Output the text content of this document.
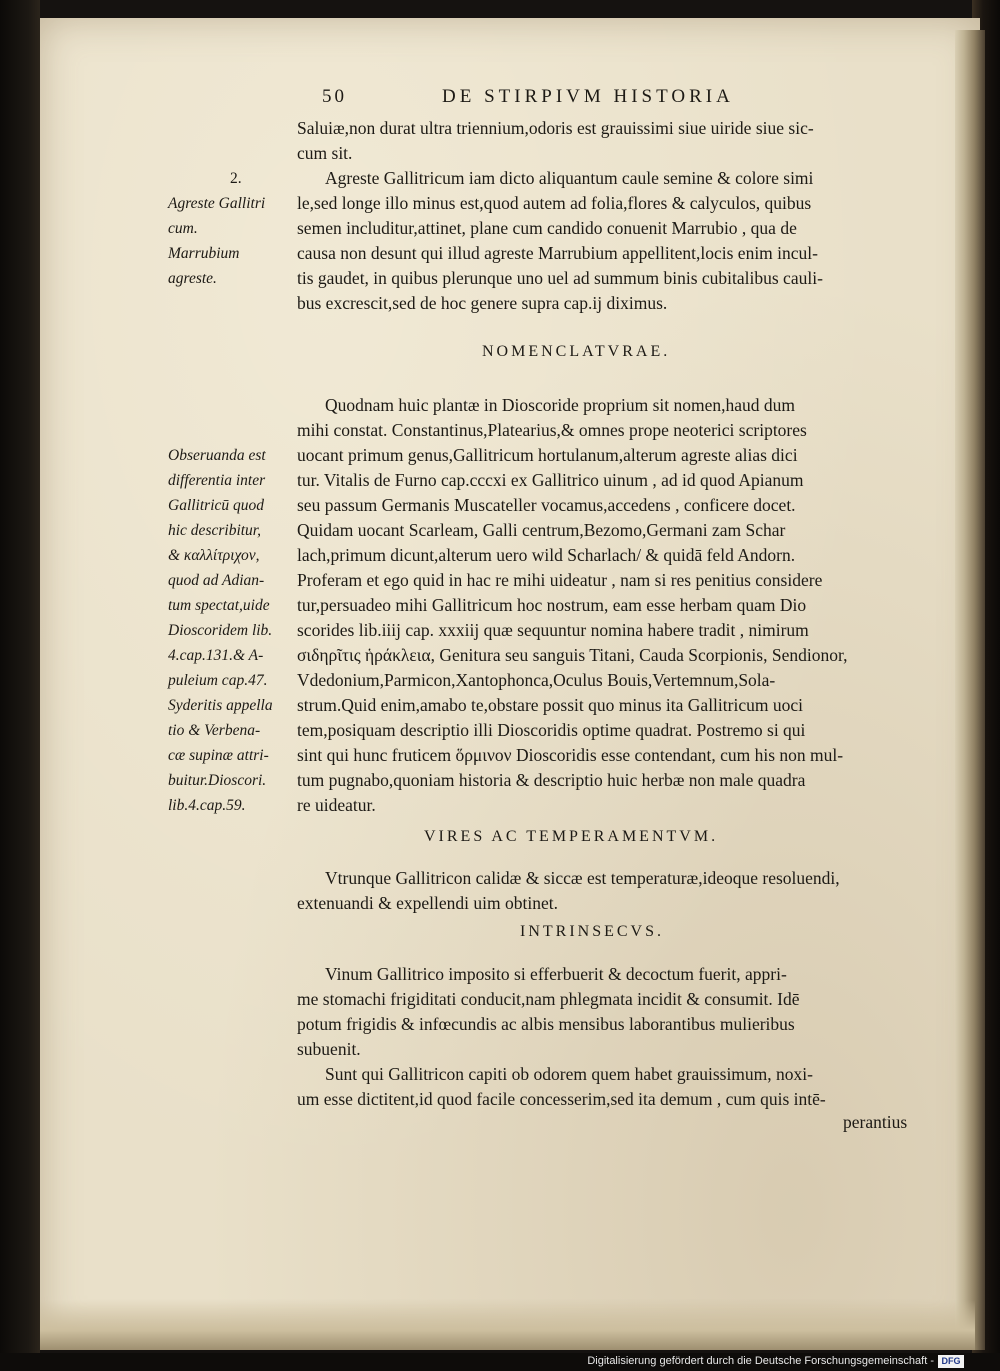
50	DE STIRPIVM HISTORIA
Saluiæ,non durat ultra triennium,odoris est grauissimi siue uiride siue sic-
cum sit.
Agreste Gallitricum iam dicto aliquantum caule semine & colore simi
le,sed longe illo minus est,quod autem ad folia,flores & calyculos, quibus
semen includitur,attinet, plane cum candido conuenit Marrubio , qua de
causa non desunt qui illud agreste Marrubium appellitent,locis enim incul-
tis gaudet, in quibus plerunque uno uel ad summum binis cubitalibus cauli-
bus excrescit,sed de hoc genere supra cap.ij diximus.
2.
Agreste Gallitri
cum.
Marrubium
agreste.
NOMENCLATVRAE.
Quodnam huic plantæ in Dioscoride proprium sit nomen,haud dum
mihi constat. Constantinus,Platearius,& omnes prope neoterici scriptores
uocant primum genus,Gallitricum hortulanum,alterum agreste alias dici
tur. Vitalis de Furno cap.cccxi ex Gallitrico uinum , ad id quod Apianum
seu passum Germanis Muscateller vocamus,accedens , conficere docet.
Quidam uocant Scarleam, Galli centrum,Bezomo,Germani zam Schar
lach,primum dicunt,alterum uero wild Scharlach/ & quidā feld Andorn.
Proferam et ego quid in hac re mihi uideatur , nam si res penitius considere
tur,persuadeo mihi Gallitricum hoc nostrum, eam esse herbam quam Dio
scorides lib.iiij cap. xxxiij quæ sequuntur nomina habere tradit , nimirum
σιδηρῖτις ἡράκλεια, Genitura seu sanguis Titani, Cauda Scorpionis, Sendionor,
Vdedonium,Parmicon,Xantophonca,Oculus Bouis,Vertemnum,Sola-
strum.Quid enim,amabo te,obstare possit quo minus ita Gallitricum uoci
tem,posiquam descriptio illi Dioscoridis optime quadrat. Postremo si qui
sint qui hunc fruticem ὅρμινον Dioscoridis esse contendant, cum his non mul-
tum pugnabo,quoniam historia & descriptio huic herbæ non male quadra
re uideatur.
Obseruanda est
differentia inter
Gallitricū quod
hic describitur,
& καλλίτριχον,
quod ad Adian-
tum spectat,uide
Dioscoridem lib.
4.cap.131.& A-
puleium cap.47.
Syderitis appella
tio & Verbena-
cæ supinæ attri-
buitur.Dioscori.
lib.4.cap.59.
VIRES AC TEMPERAMENTVM.
Vtrunque Gallitricon calidæ & siccæ est temperaturæ,ideoque resoluendi,
extenuandi & expellendi uim obtinet.
INTRINSECVS.
Vinum Gallitrico imposito si efferbuerit & decoctum fuerit, appri-
me stomachi frigiditati conducit,nam phlegmata incidit & consumit. Idē
potum frigidis & infœcundis ac albis mensibus laborantibus mulieribus
subuenit.
Sunt qui Gallitricon capiti ob odorem quem habet grauissimum, noxi-
um esse dictitent,id quod facile concesserim,sed ita demum , cum quis intē-
perantius
Digitalisierung gefördert durch die Deutsche Forschungsgemeinschaft - DFG
